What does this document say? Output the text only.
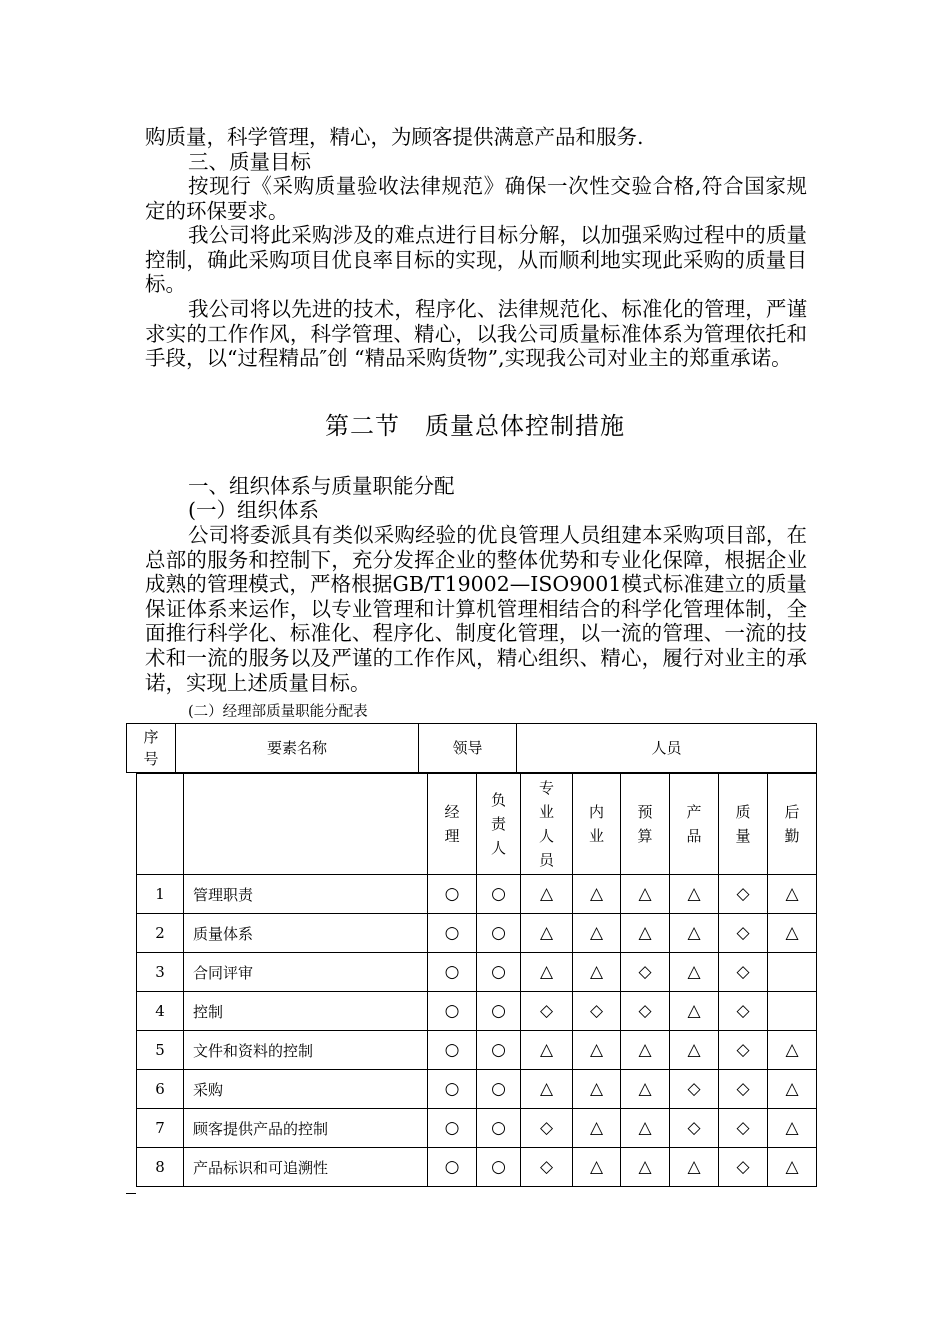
购质量，科学管理，精心，为顾客提供满意产品和服务.
三、质量目标
按现行《采购质量验收法律规范》确保一次性交验合格,符合国家规定的环保要求。
我公司将此采购涉及的难点进行目标分解，以加强采购过程中的质量控制，确此采购项目优良率目标的实现，从而顺利地实现此采购的质量目标。
我公司将以先进的技术，程序化、法律规范化、标准化的管理，严谨求实的工作作风，科学管理、精心，以我公司质量标准体系为管理依托和手段，以“过程精品″创 “精品采购货物”,实现我公司对业主的郑重承诺。
第二节　质量总体控制措施
一、组织体系与质量职能分配
(一）组织体系
公司将委派具有类似采购经验的优良管理人员组建本采购项目部，在总部的服务和控制下，充分发挥企业的整体优势和专业化保障，根据企业成熟的管理模式，严格根据GB/T19002—ISO9001模式标准建立的质量保证体系来运作，以专业管理和计算机管理相结合的科学化管理体制，全面推行科学化、标准化、程序化、制度化管理，以一流的管理、一流的技术和一流的服务以及严谨的工作作风，精心组织、精心，履行对业主的承诺，实现上述质量目标。
(二）经理部质量职能分配表
序号
	要素名称	领导	人员

		经理	负责人	专业人员	内业	预算	产品	质量	后勤

1	管理职责	○	○	△	△	△	△	◇	△
2	质量体系	○	○	△	△	△	△	◇	△
3	合同评审	○	○	△	△	◇	△	◇	
4	控制	○	○	◇	◇	◇	△	◇	
5	文件和资料的控制	○	○	△	△	△	△	◇	△
6	采购	○	○	△	△	△	◇	◇	△
7	顾客提供产品的控制	○	○	◇	△	△	◇	◇	△
8	产品标识和可追溯性	○	○	◇	△	△	△	◇	△
